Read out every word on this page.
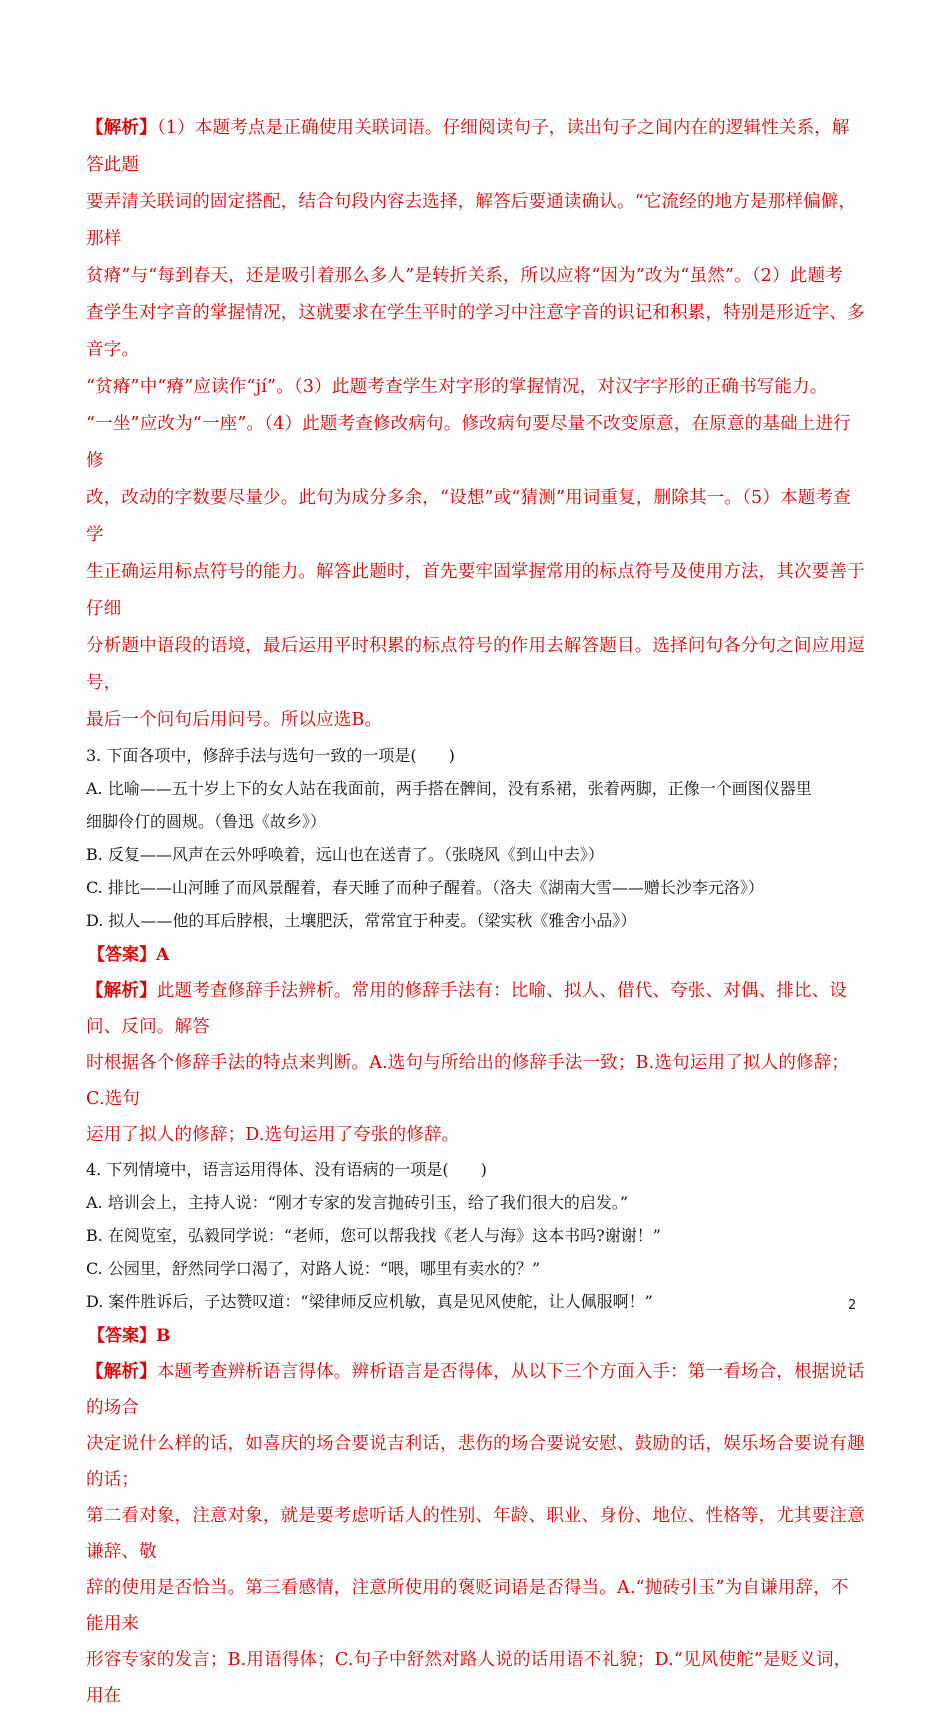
【解析】（1）本题考点是正确使用关联词语。仔细阅读句子，读出句子之间内在的逻辑性关系，解答此题

要弄清关联词的固定搭配，结合句段内容去选择，解答后要通读确认。“它流经的地方是那样偏僻，那样

贫瘠”与“每到春天，还是吸引着那么多人”是转折关系，所以应将“因为”改为“虽然”。（2）此题考

查学生对字音的掌握情况，这就要求在学生平时的学习中注意字音的识记和积累，特别是形近字、多音字。

“贫瘠”中“瘠”应读作“jí”。（3）此题考查学生对字形的掌握情况，对汉字字形的正确书写能力。

“一坐”应改为“一座”。（4）此题考查修改病句。修改病句要尽量不改变原意，在原意的基础上进行修

改，改动的字数要尽量少。此句为成分多余，“设想”或“猜测”用词重复，删除其一。（5）本题考查学

生正确运用标点符号的能力。解答此题时，首先要牢固掌握常用的标点符号及使用方法，其次要善于仔细

分析题中语段的语境，最后运用平时积累的标点符号的作用去解答题目。选择问句各分句之间应用逗号，

最后一个问句后用问号。所以应选B。

3. 下面各项中，修辞手法与选句一致的一项是(　　)

A. 比喻——五十岁上下的女人站在我面前，两手搭在髀间，没有系裙，张着两脚，正像一个画图仪器里

细脚伶仃的圆规。（鲁迅《故乡》）

B. 反复——风声在云外呼唤着，远山也在送青了。（张晓风《到山中去》）

C. 排比——山河睡了而风景醒着，春天睡了而种子醒着。（洛夫《湖南大雪——赠长沙李元洛》）

D. 拟人——他的耳后脖根，土壤肥沃，常常宜于种麦。（梁实秋《雅舍小品》）

【答案】A

【解析】此题考查修辞手法辨析。常用的修辞手法有：比喻、拟人、借代、夸张、对偶、排比、设问、反问。解答

时根据各个修辞手法的特点来判断。A.选句与所给出的修辞手法一致；B.选句运用了拟人的修辞；C.选句

运用了拟人的修辞；D.选句运用了夸张的修辞。

4. 下列情境中，语言运用得体、没有语病的一项是(　　)

A. 培训会上，主持人说：“刚才专家的发言抛砖引玉，给了我们很大的启发。”

B. 在阅览室，弘毅同学说：“老师，您可以帮我找《老人与海》这本书吗?谢谢！”

C. 公园里，舒然同学口渴了，对路人说：“喂，哪里有卖水的？”

D. 案件胜诉后，子达赞叹道：“梁律师反应机敏，真是见风使舵，让人佩服啊！”

【答案】B

【解析】本题考查辨析语言得体。辨析语言是否得体，从以下三个方面入手：第一看场合，根据说话的场合

决定说什么样的话，如喜庆的场合要说吉利话，悲伤的场合要说安慰、鼓励的话，娱乐场合要说有趣的话；

第二看对象，注意对象，就是要考虑听话人的性别、年龄、职业、身份、地位、性格等，尤其要注意谦辞、敬

辞的使用是否恰当。第三看感情，注意所使用的褒贬词语是否得当。A.“抛砖引玉”为自谦用辞，不能用来

形容专家的发言；B.用语得体；C.句子中舒然对路人说的话用语不礼貌；D.“见风使舵”是贬义词，用在

2
